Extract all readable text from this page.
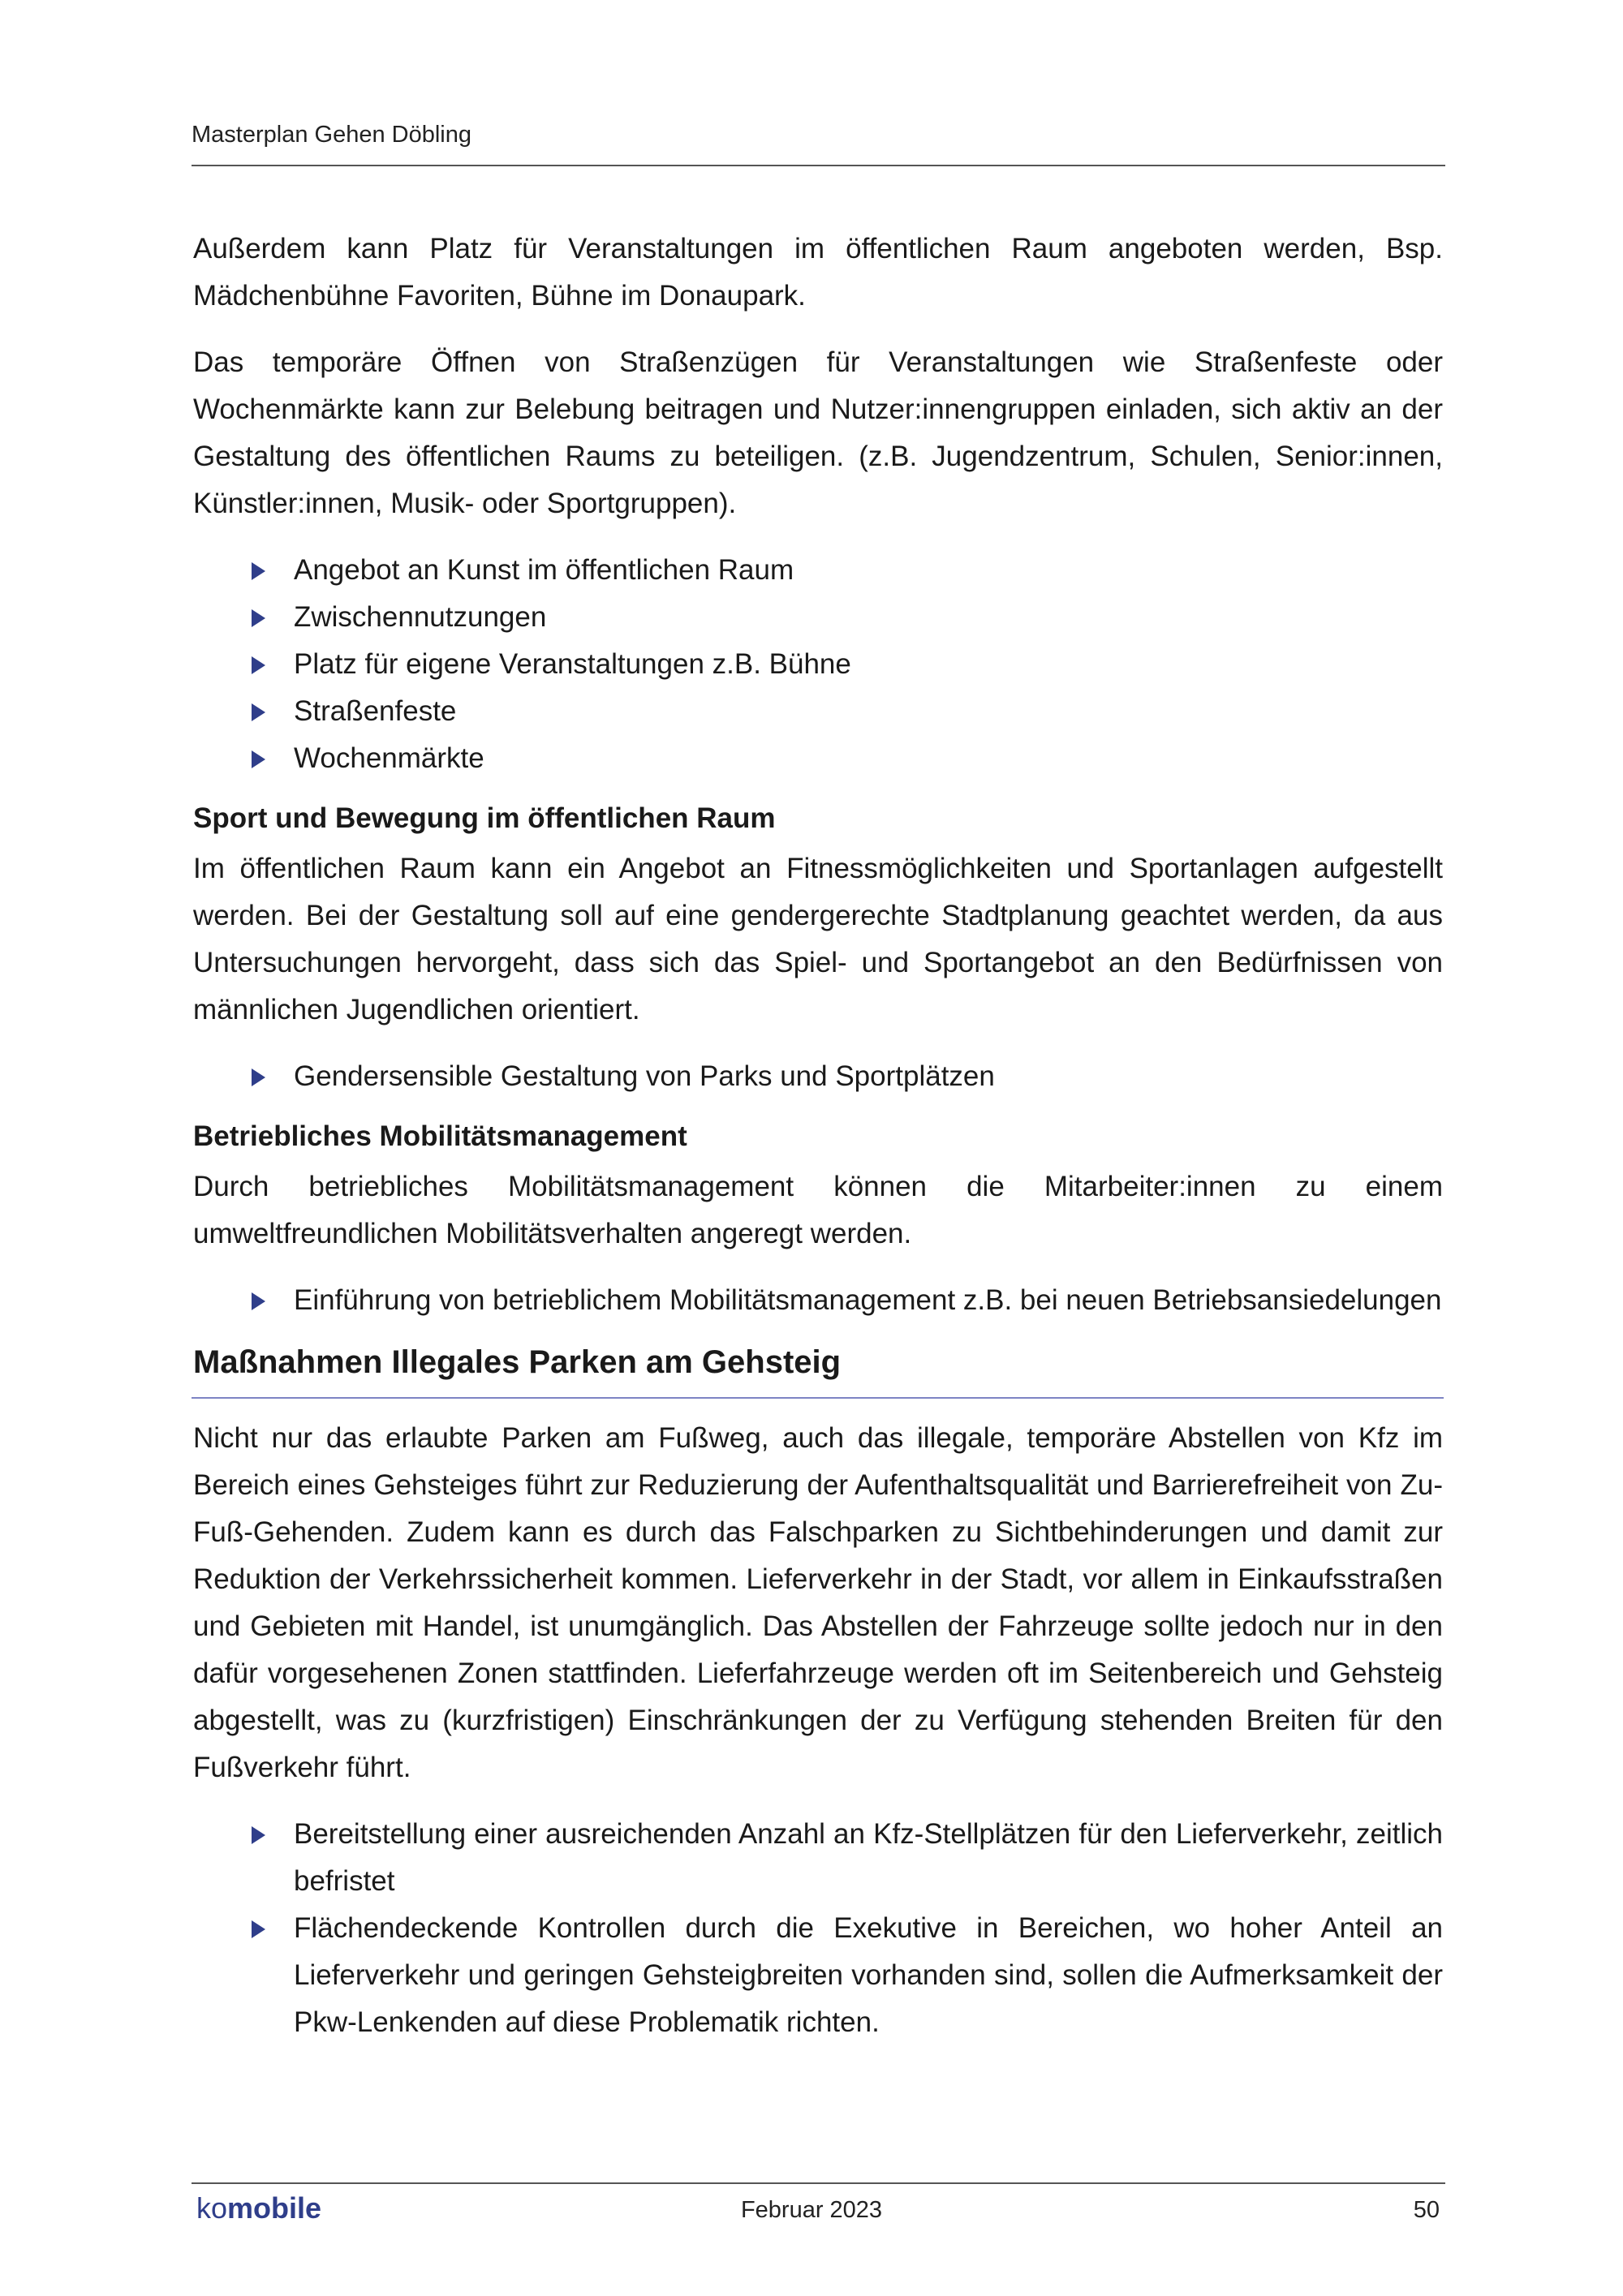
Masterplan Gehen Döbling

Außerdem kann Platz für Veranstaltungen im öffentlichen Raum angeboten werden, Bsp. Mädchenbühne Favoriten, Bühne im Donaupark.

Das temporäre Öffnen von Straßenzügen für Veranstaltungen wie Straßenfeste oder Wochenmärkte kann zur Belebung beitragen und Nutzer:innengruppen einladen, sich aktiv an der Gestaltung des öffentlichen Raums zu beteiligen. (z.B. Jugendzentrum, Schulen, Senior:innen, Künstler:innen, Musik- oder Sportgruppen).

Angebot an Kunst im öffentlichen Raum
Zwischennutzungen
Platz für eigene Veranstaltungen z.B. Bühne
Straßenfeste
Wochenmärkte
Sport und Bewegung im öffentlichen Raum

Im öffentlichen Raum kann ein Angebot an Fitnessmöglichkeiten und Sportanlagen aufgestellt werden. Bei der Gestaltung soll auf eine gendergerechte Stadtplanung geachtet werden, da aus Untersuchungen hervorgeht, dass sich das Spiel- und Sportangebot an den Bedürfnissen von männlichen Jugendlichen orientiert.

Gendersensible Gestaltung von Parks und Sportplätzen
Betriebliches Mobilitätsmanagement

Durch betriebliches Mobilitätsmanagement können die Mitarbeiter:innen zu einem umweltfreundlichen Mobilitätsverhalten angeregt werden.

Einführung von betrieblichem Mobilitätsmanagement z.B. bei neuen Betriebsansiedelungen
Maßnahmen Illegales Parken am Gehsteig

Nicht nur das erlaubte Parken am Fußweg, auch das illegale, temporäre Abstellen von Kfz im Bereich eines Gehsteiges führt zur Reduzierung der Aufenthaltsqualität und Barrierefreiheit von Zu-Fuß-Gehenden. Zudem kann es durch das Falschparken zu Sichtbehinderungen und damit zur Reduktion der Verkehrssicherheit kommen. Lieferverkehr in der Stadt, vor allem in Einkaufsstraßen und Gebieten mit Handel, ist unumgänglich. Das Abstellen der Fahrzeuge sollte jedoch nur in den dafür vorgesehenen Zonen stattfinden. Lieferfahrzeuge werden oft im Seitenbereich und Gehsteig abgestellt, was zu (kurzfristigen) Einschränkungen der zu Verfügung stehenden Breiten für den Fußverkehr führt.

Bereitstellung einer ausreichenden Anzahl an Kfz-Stellplätzen für den Lieferverkehr, zeitlich befristet
Flächendeckende Kontrollen durch die Exekutive in Bereichen, wo hoher Anteil an Lieferverkehr und geringen Gehsteigbreiten vorhanden sind, sollen die Aufmerksamkeit der Pkw-Lenkenden auf diese Problematik richten.
komobile	Februar 2023	50
